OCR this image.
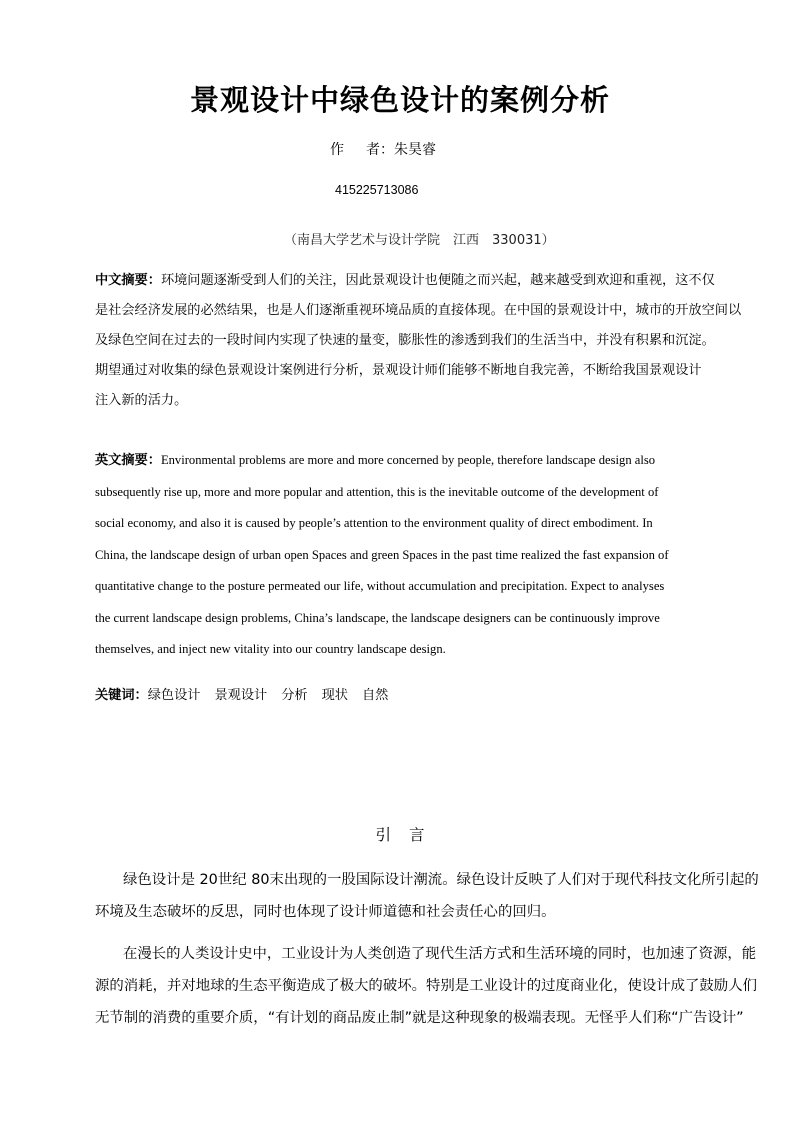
景观设计中绿色设计的案例分析
作 者：朱昊睿
415225713086
（南昌大学艺术与设计学院　江西　330031）
中文摘要：环境问题逐渐受到人们的关注，因此景观设计也便随之而兴起，越来越受到欢迎和重视，这不仅
是社会经济发展的必然结果，也是人们逐渐重视环境品质的直接体现。在中国的景观设计中，城市的开放空间以
及绿色空间在过去的一段时间内实现了快速的量变，膨胀性的渗透到我们的生活当中，并没有积累和沉淀。
期望通过对收集的绿色景观设计案例进行分析，景观设计师们能够不断地自我完善，不断给我国景观设计
注入新的活力。
英文摘要：Environmental problems are more and more concerned by people, therefore landscape design also
subsequently rise up, more and more popular and attention, this is the inevitable outcome of the development of
social economy, and also it is caused by people’s attention to the environment quality of direct embodiment. In
China, the landscape design of urban open Spaces and green Spaces in the past time realized the fast expansion of
quantitative change to the posture permeated our life, without accumulation and precipitation. Expect to analyses
the current landscape design problems, China’s landscape, the landscape designers can be continuously improve
themselves, and inject new vitality into our country landscape design.
关键词：绿色设计 景观设计 分析 现状 自然
引言
绿色设计是 20世纪 80末出现的一股国际设计潮流。绿色设计反映了人们对于现代科技文化所引起的
环境及生态破坏的反思，同时也体现了设计师道德和社会责任心的回归。
在漫长的人类设计史中，工业设计为人类创造了现代生活方式和生活环境的同时，也加速了资源，能
源的消耗，并对地球的生态平衡造成了极大的破坏。特别是工业设计的过度商业化，使设计成了鼓励人们
无节制的消费的重要介质，“有计划的商品废止制”就是这种现象的极端表现。无怪乎人们称“广告设计”
